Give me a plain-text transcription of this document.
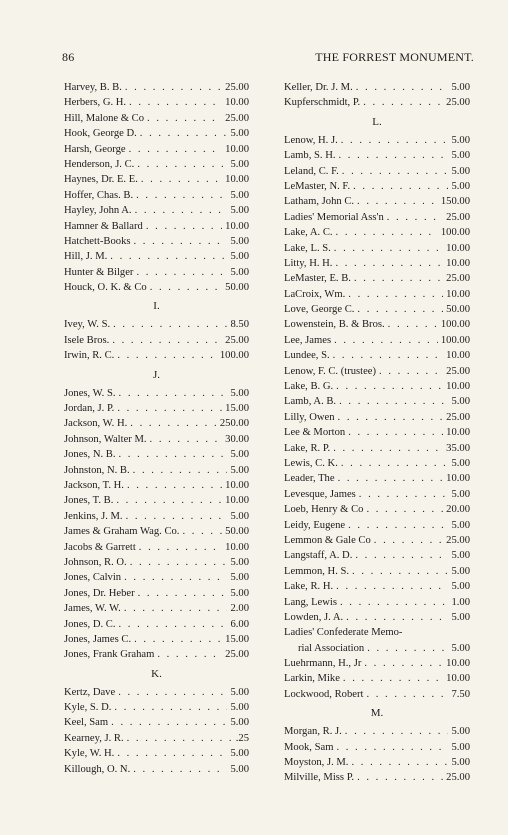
86	THE FORREST MONUMENT.
Harvey, B. B. . . .	25.00
Herbers, G. H. . . .	10.00
Hill, Malone & Co . . .	25.00
Hook, George D. . . .	5.00
Harsh, George . . .	10.00
Henderson, J. C. . . .	5.00
Haynes, Dr. E. E. . . .	10.00
Hoffer, Chas. B. . . .	5.00
Hayley, John A. . . .	5.00
Hamner & Ballard . . .	10.00
Hatchett-Books . . .	5.00
Hill, J. M. . . .	5.00
Hunter & Bilger . . .	5.00
Houck, O. K. & Co . . .	50.00
I.
Ivey, W. S. . . .	8.50
Isele Bros. . . .	25.00
Irwin, R. C. . . .	100.00
J.
Jones, W. S. . . .	5.00
Jordan, J. P. . . .	15.00
Jackson, W. H. . . .	250.00
Johnson, Walter M. . . .	30.00
Jones, N. B. . . .	5.00
Johnston, N. B. . . .	5.00
Jackson, T. H. . . .	10.00
Jones, T. B. . . .	10.00
Jenkins, J. M. . . .	5.00
James & Graham Wag. Co. . . .	50.00
Jacobs & Garrett . . .	10.00
Johnson, R. O. . . .	5.00
Jones, Calvin . . .	5.00
Jones, Dr. Heber . . .	5.00
James, W. W. . . .	2.00
Jones, D. C. . . .	6.00
Jones, James C. . . .	15.00
Jones, Frank Graham . . .	25.00
K.
Kertz, Dave . . .	5.00
Kyle, S. D. . . .	5.00
Keel, Sam . . .	5.00
Kearney, J. R. . . .	.25
Kyle, W. H. . . .	5.00
Killough, O. N. . . .	5.00
Keller, Dr. J. M. . . .	5.00
Kupferschmidt, P. . . .	25.00
L.
Lenow, H. J. . . .	5.00
Lamb, S. H. . . .	5.00
Leland, C. F. . . .	5.00
LeMaster, N. F. . . .	5.00
Latham, John C. . . .	150.00
Ladies' Memorial Ass'n . . .	25.00
Lake, A. C. . . .	100.00
Lake, L. S. . . .	10.00
Litty, H. H. . . .	10.00
LeMaster, E. B. . . .	25.00
LaCroix, Wm. . . .	10.00
Love, George C. . . .	50.00
Lowenstein, B. & Bros. . . .	100.00
Lee, James . . .	100.00
Lundee, S. . . .	10.00
Lenow, F. C. (trustee) . . .	25.00
Lake, B. G. . . .	10.00
Lamb, A. B. . . .	5.00
Lilly, Owen . . .	25.00
Lee & Morton . . .	10.00
Lake, R. P. . . .	35.00
Lewis, C. K. . . .	5.00
Leader, The . . .	10.00
Levesque, James . . .	5.00
Loeb, Henry & Co . . .	20.00
Leidy, Eugene . . .	5.00
Lemmon & Gale Co . . .	25.00
Langstaff, A. D. . . .	5.00
Lemmon, H. S. . . .	5.00
Lake, R. H. . . .	5.00
Lang, Lewis . . .	1.00
Lowden, J. A. . . .	5.00
Ladies' Confederate Memo-
rial Association . . .	5.00
Luehrmann, H., Jr . . .	10.00
Larkin, Mike . . .	10.00
Lockwood, Robert . . .	7.50
M.
Morgan, R. J. . . .	5.00
Mook, Sam . . .	5.00
Moyston, J. M. . . .	5.00
Milville, Miss P. . . .	25.00
